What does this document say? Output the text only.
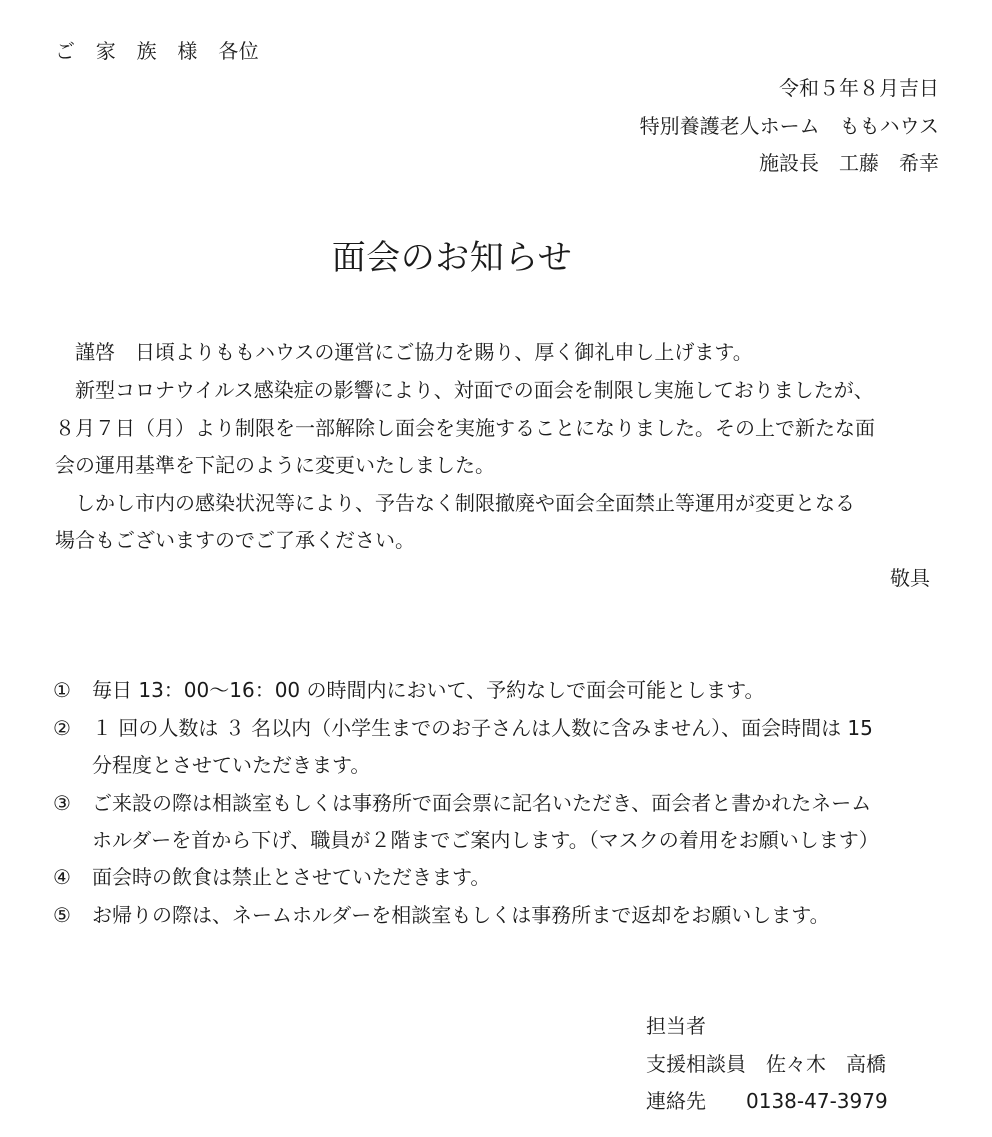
ご　家　族　様　各位
令和５年８月吉日
特別養護老人ホーム　ももハウス
施設長　工藤　希幸
面会のお知らせ
　謹啓　日頃よりももハウスの運営にご協力を賜り、厚く御礼申し上げます。
　新型コロナウイルス感染症の影響により、対面での面会を制限し実施しておりましたが、
８月７日（月）より制限を一部解除し面会を実施することになりました。その上で新たな面
会の運用基準を下記のように変更いたしました。
　しかし市内の感染状況等により、予告なく制限撤廃や面会全面禁止等運用が変更となる
場合もございますのでご了承ください。
敬具
① 毎日 13：00～16：00 の時間内において、予約なしで面会可能とします。
② １ 回の人数は ３ 名以内（小学生までのお子さんは人数に含みません）、面会時間は 15
分程度とさせていただきます。
③ ご来設の際は相談室もしくは事務所で面会票に記名いただき、面会者と書かれたネーム
ホルダーを首から下げ、職員が２階までご案内します。（マスクの着用をお願いします）
④ 面会時の飲食は禁止とさせていただきます。
⑤ お帰りの際は、ネームホルダーを相談室もしくは事務所まで返却をお願いします。
担当者
支援相談員　佐々木　高橋
連絡先　　0138-47-3979
